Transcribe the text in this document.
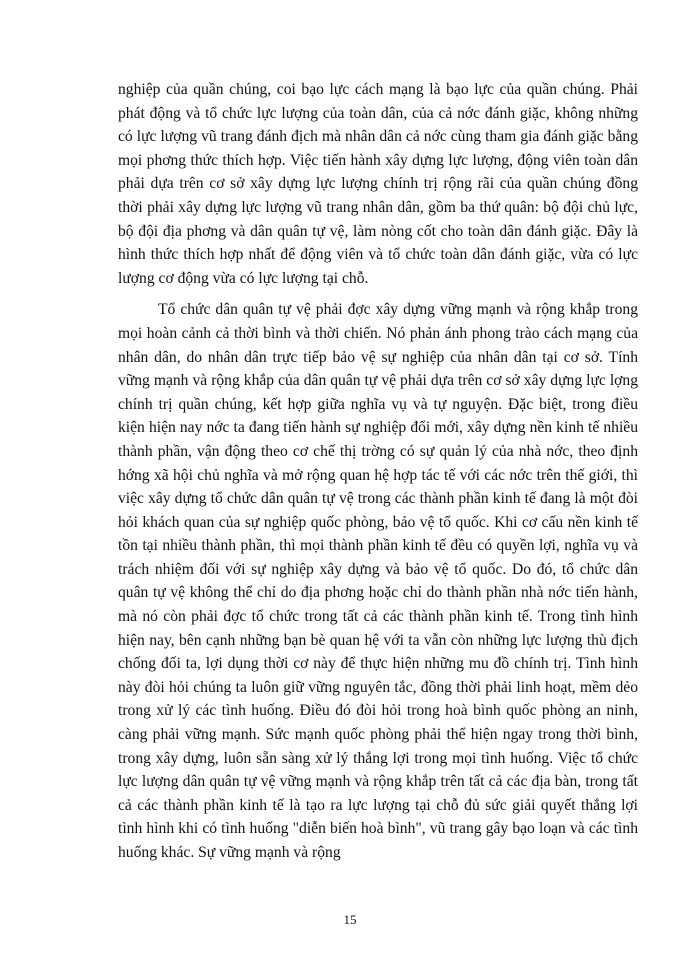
nghiệp của quần chúng, coi bạo lực cách mạng là bạo lực của quần chúng. Phải phát động và tổ chức lực lượng của toàn dân, của cả nớc đánh giặc, không những có lực lượng vũ trang đánh địch mà nhân dân cả nớc cùng tham gia đánh giặc bằng mọi phơng thức thích hợp. Việc tiến hành xây dựng lực lượng, động viên toàn dân phải dựa trên cơ sở xây dựng lực lượng chính trị rộng rãi của quần chúng đồng thời phải xây dựng lực lượng vũ trang nhân dân, gồm ba thứ quân: bộ đội chủ lực, bộ đội địa phơng và dân quân tự vệ, làm nòng cốt cho toàn dân đánh giặc. Đây là hình thức thích hợp nhất để động viên và tổ chức toàn dân đánh giặc, vừa có lực lượng cơ động vừa có lực lượng tại chỗ.

Tổ chức dân quân tự vệ phải đợc xây dựng vững mạnh và rộng khắp trong mọi hoàn cảnh cả thời bình và thời chiến. Nó phản ánh phong trào cách mạng của nhân dân, do nhân dân trực tiếp bảo vệ sự nghiệp của nhân dân tại cơ sở. Tính vững mạnh và rộng khắp của dân quân tự vệ phải dựa trên cơ sở xây dựng lực lợng chính trị quần chúng, kết hợp giữa nghĩa vụ và tự nguyện. Đặc biệt, trong điều kiện hiện nay nớc ta đang tiến hành sự nghiệp đổi mới, xây dựng nền kinh tế nhiều thành phần, vận động theo cơ chế thị trờng có sự quản lý của nhà nớc, theo định hớng xã hội chủ nghĩa và mở rộng quan hệ hợp tác tế với các nớc trên thế giới, thì việc xây dựng tổ chức dân quân tự vệ trong các thành phần kinh tế đang là một đòi hỏi khách quan của sự nghiệp quốc phòng, bảo vệ tổ quốc. Khi cơ cấu nền kinh tế tồn tại nhiều thành phần, thì mọi thành phần kinh tế đều có quyền lợi, nghĩa vụ và trách nhiệm đối với sự nghiệp xây dựng và bảo vệ tổ quốc. Do đó, tổ chức dân quân tự vệ không thể chỉ do địa phơng hoặc chỉ do thành phần nhà nớc tiến hành, mà nó còn phải đợc tổ chức trong tất cả các thành phần kinh tế. Trong tình hình hiện nay, bên cạnh những bạn bè quan hệ với ta vẫn còn những lực lượng thù địch chống đối ta, lợi dụng thời cơ này để thực hiện những mu đồ chính trị. Tình hình này đòi hỏi chúng ta luôn giữ vững nguyên tắc, đồng thời phải linh hoạt, mềm dẻo trong xử lý các tình huống. Điều đó đòi hỏi trong hoà bình quốc phòng an ninh, càng phải vững mạnh. Sức mạnh quốc phòng phải thể hiện ngay trong thời bình, trong xây dựng, luôn sẵn sàng xử lý thắng lợi trong mọi tình huống. Việc tổ chức lực lượng dân quân tự vệ vững mạnh và rộng khắp trên tất cả các địa bàn, trong tất cả các thành phần kinh tế là tạo ra lực lượng tại chỗ đủ sức giải quyết thắng lợi tình hình khi có tình huống "diễn biến hoà bình", vũ trang gây bạo loạn và các tình huống khác. Sự vững mạnh và rộng

15
